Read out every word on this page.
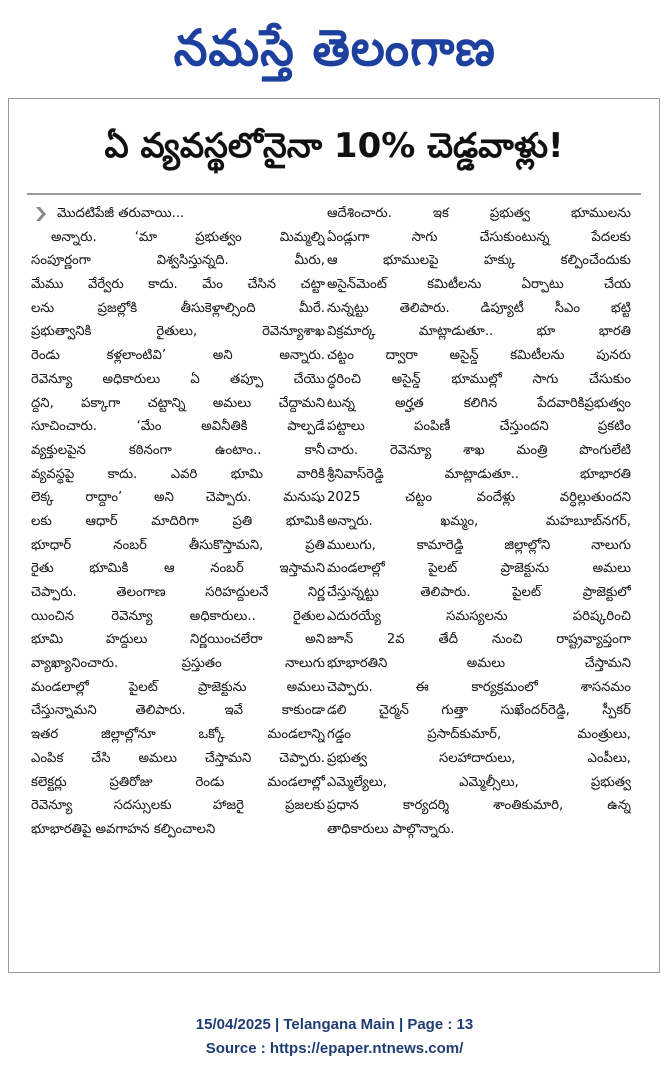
నమస్తే తెలంగాణ
ఏ వ్యవస్థలోనైనా 10% చెడ్డవాళ్లు!
మొదటిపేజీ తరువాయి...
అన్నారు. ‘మా ప్రభుత్వం మిమ్మల్ని
సంపూర్ణంగా విశ్వసిస్తున్నది. మీరు,
మేము వేర్వేరు కాదు. మేం చేసిన చట్టా
లను ప్రజల్లోకి తీసుకెళ్లాల్సింది మీరే.
ప్రభుత్వానికి రైతులు, రెవెన్యూశాఖ
రెండు కళ్లలాంటివి’ అని అన్నారు.
రెవెన్యూ అధికారులు ఏ తప్పూ చేయొ
ద్దని, పక్కాగా చట్టాన్ని అమలు చేద్దామని
సూచించారు. ‘మేం అవినీతికి పాల్పడే
వ్యక్తులపైన కఠినంగా ఉంటాం.. కానీ
వ్యవస్థపై కాదు. ఎవరి భూమి వారికి
లెక్క రాద్దాం’ అని చెప్పారు. మనుషు
లకు ఆధార్ మాదిరిగా ప్రతి భూమికి
భూధార్ నంబర్ తీసుకొస్తామని, ప్రతి
రైతు భూమికి ఆ నంబర్ ఇస్తామని
చెప్పారు. తెలంగాణ సరిహద్దులనే నిర్ణ
యించిన రెవెన్యూ అధికారులు.. రైతుల
భూమి హద్దులు నిర్ణయించలేరా అని
వ్యాఖ్యానించారు. ప్రస్తుతం నాలుగు
మండలాల్లో పైలట్ ప్రాజెక్టును అమలు
చేస్తున్నామని తెలిపారు. ఇవే కాకుండా
ఇతర జిల్లాల్లోనూ ఒక్కో మండలాన్ని
ఎంపిక చేసి అమలు చేస్తామని చెప్పారు.
కలెక్టర్లు ప్రతిరోజు రెండు మండలాల్లో
రెవెన్యూ సదస్సులకు హాజరై ప్రజలకు
భూభారతిపై అవగాహన కల్పించాలని
ఆదేశించారు. ఇక ప్రభుత్వ భూములను
ఏండ్లుగా సాగు చేసుకుంటున్న పేదలకు
ఆ భూములపై హక్కు కల్పించేందుకు
అసైన్‌మెంట్ కమిటీలను ఏర్పాటు చేయ
నున్నట్టు తెలిపారు. డిప్యూటీ సీఎం భట్టి
విక్రమార్క మాట్లాడుతూ.. భూ భారతి
చట్టం ద్వారా అసైన్డ్ కమిటీలను పునరు
ద్ధరించి అసైన్డ్ భూముల్లో సాగు చేసుకుం
టున్న అర్హత కలిగిన పేదవారికిప్రభుత్వం
పట్టాలు పంపిణీ చేస్తుందని ప్రకటిం
చారు. రెవెన్యూ శాఖ మంత్రి పొంగులేటి
శ్రీనివాస్‌రెడ్డి మాట్లాడుతూ.. భూభారతి
2025 చట్టం వందేళ్లు వర్ధిల్లుతుందని
అన్నారు. ఖమ్మం, మహబూబ్‌నగర్,
ములుగు, కామారెడ్డి జిల్లాల్లోని నాలుగు
మండలాల్లో పైలట్ ప్రాజెక్టును అమలు
చేస్తున్నట్టు తెలిపారు. పైలట్ ప్రాజెక్టులో
ఎదురయ్యే సమస్యలను పరిష్కరించి
జూన్ 2వ తేదీ నుంచి రాష్ట్రవ్యాప్తంగా
భూభారతిని అమలు చేస్తామని
చెప్పారు. ఈ కార్యక్రమంలో శాసనమం
డలి చైర్మన్ గుత్తా సుఖేందర్‌రెడ్డి, స్పీకర్
గడ్డం ప్రసాద్‌కుమార్, మంత్రులు,
ప్రభుత్వ సలహాదారులు, ఎంపీలు,
ఎమ్మెల్యేలు, ఎమ్మెల్సీలు, ప్రభుత్వ
ప్రధాన కార్యదర్శి శాంతికుమారి, ఉన్న
తాధికారులు పాల్గొన్నారు.
15/04/2025 | Telangana Main | Page : 13
Source : https://epaper.ntnews.com/
